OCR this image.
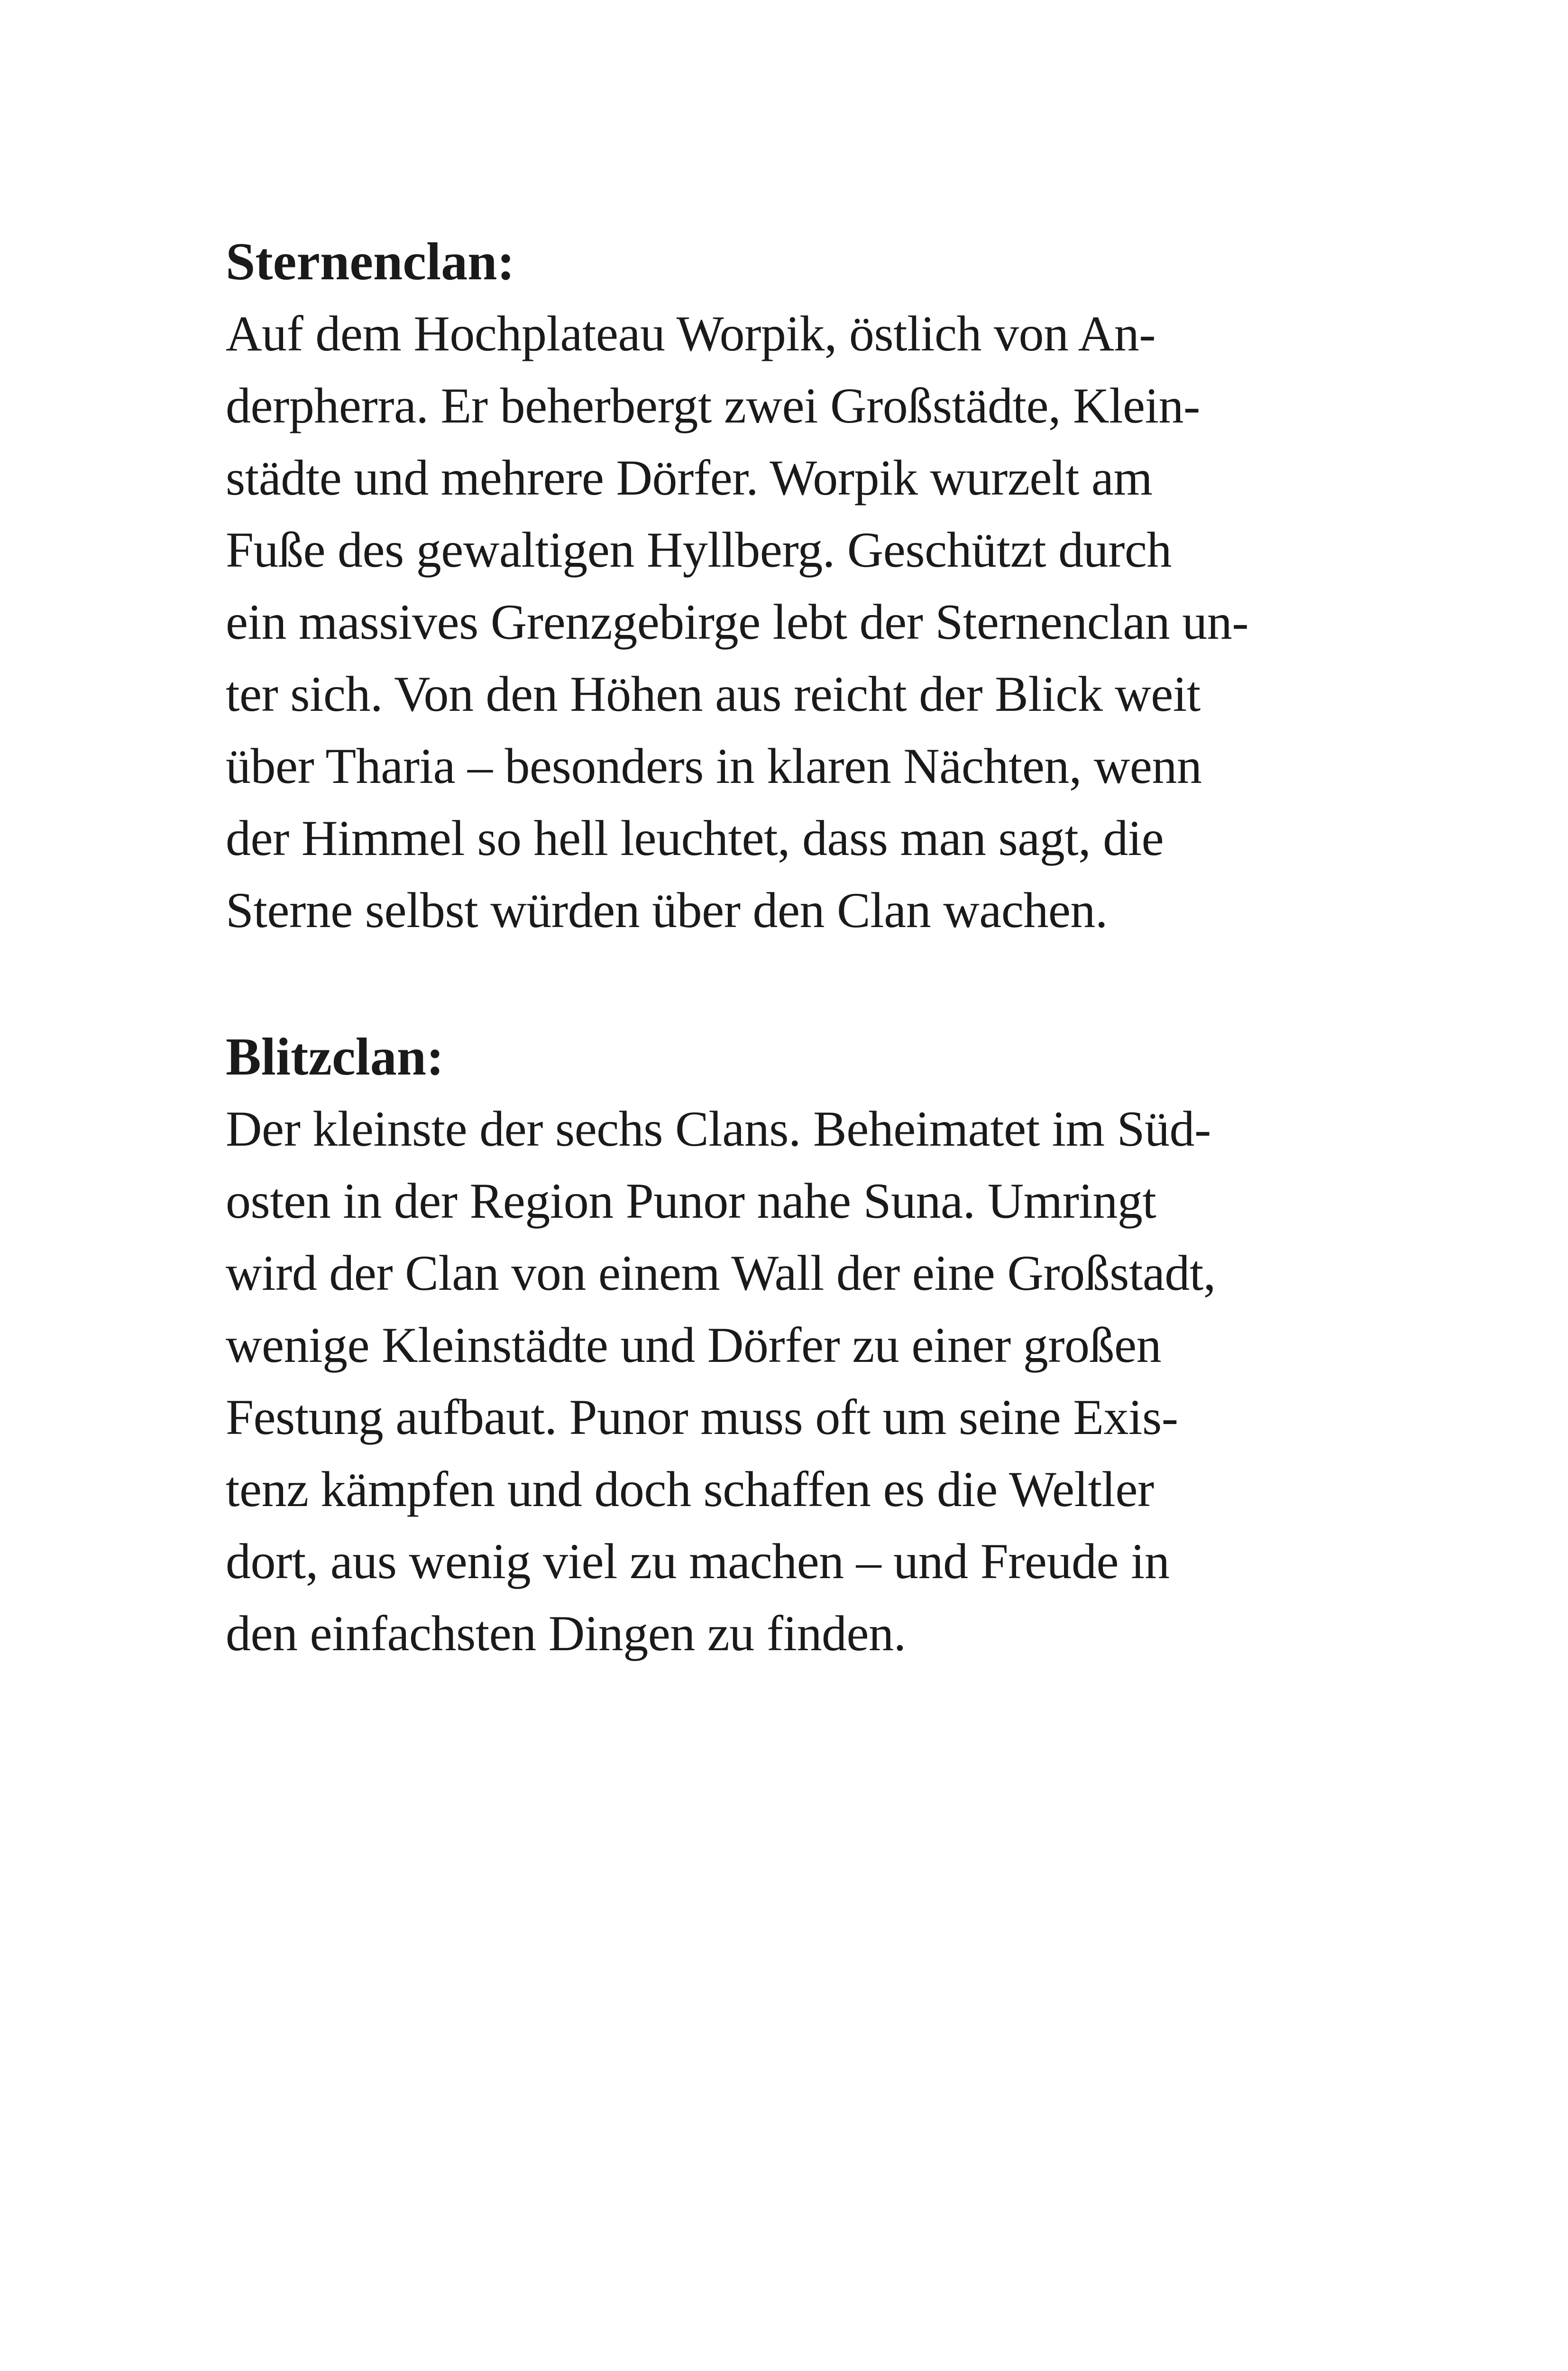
Sternenclan:
Auf dem Hochplateau Worpik, östlich von An-
derpherra. Er beherbergt zwei Großstädte, Klein-
städte und mehrere Dörfer. Worpik wurzelt am
Fuße des gewaltigen Hyllberg. Geschützt durch
ein massives Grenzgebirge lebt der Sternenclan un-
ter sich. Von den Höhen aus reicht der Blick weit
über Tharia – besonders in klaren Nächten, wenn
der Himmel so hell leuchtet, dass man sagt, die
Sterne selbst würden über den Clan wachen.
Blitzclan:
Der kleinste der sechs Clans. Beheimatet im Süd-
osten in der Region Punor nahe Suna. Umringt
wird der Clan von einem Wall der eine Großstadt,
wenige Kleinstädte und Dörfer zu einer großen
Festung aufbaut. Punor muss oft um seine Exis-
tenz kämpfen und doch schaffen es die Weltler
dort, aus wenig viel zu machen – und Freude in
den einfachsten Dingen zu finden.
